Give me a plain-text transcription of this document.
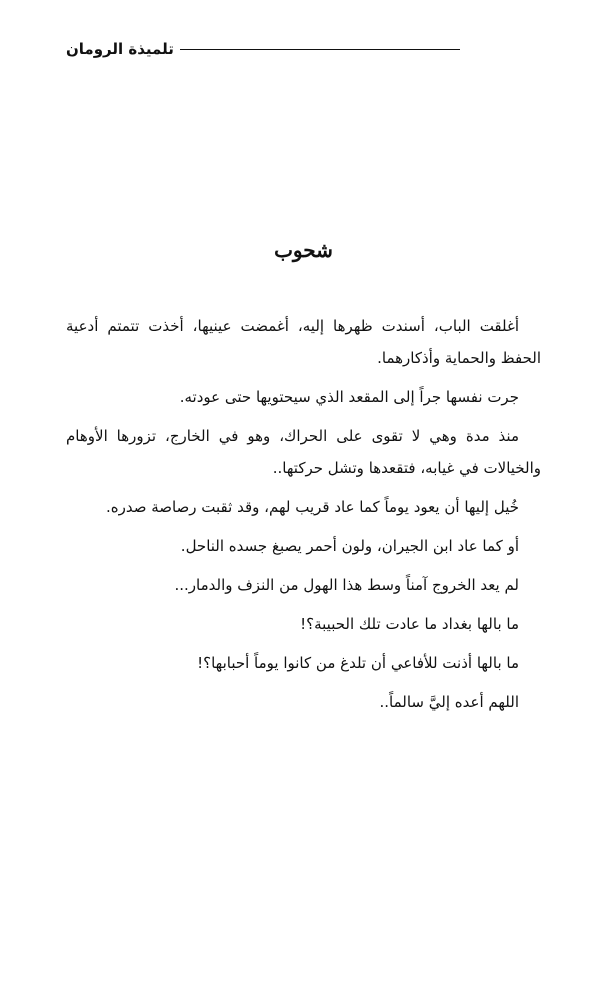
تلميذة الرومان
شحوب

أغلقت الباب، أسندت ظهرها إليه، أغمضت عينيها، أخذت تتمتم أدعية الحفظ والحماية وأذكارهما.

جرت نفسها جراً إلى المقعد الذي سيحتويها حتى عودته.

منذ مدة وهي لا تقوى على الحراك، وهو في الخارج، تزورها الأوهام والخيالات في غيابه، فتقعدها وتشل حركتها..

خُيل إليها أن يعود يوماً كما عاد قريب لهم، وقد ثقبت رصاصة صدره.

أو كما عاد ابن الجيران، ولون أحمر يصبغ جسده الناحل.

لم يعد الخروج آمناً وسط هذا الهول من النزف والدمار...

ما بالها بغداد ما عادت تلك الحبيبة؟!

ما بالها أذنت للأفاعي أن تلدغ من كانوا يوماً أحبابها؟!

اللهم أعده إليَّ سالماً..
